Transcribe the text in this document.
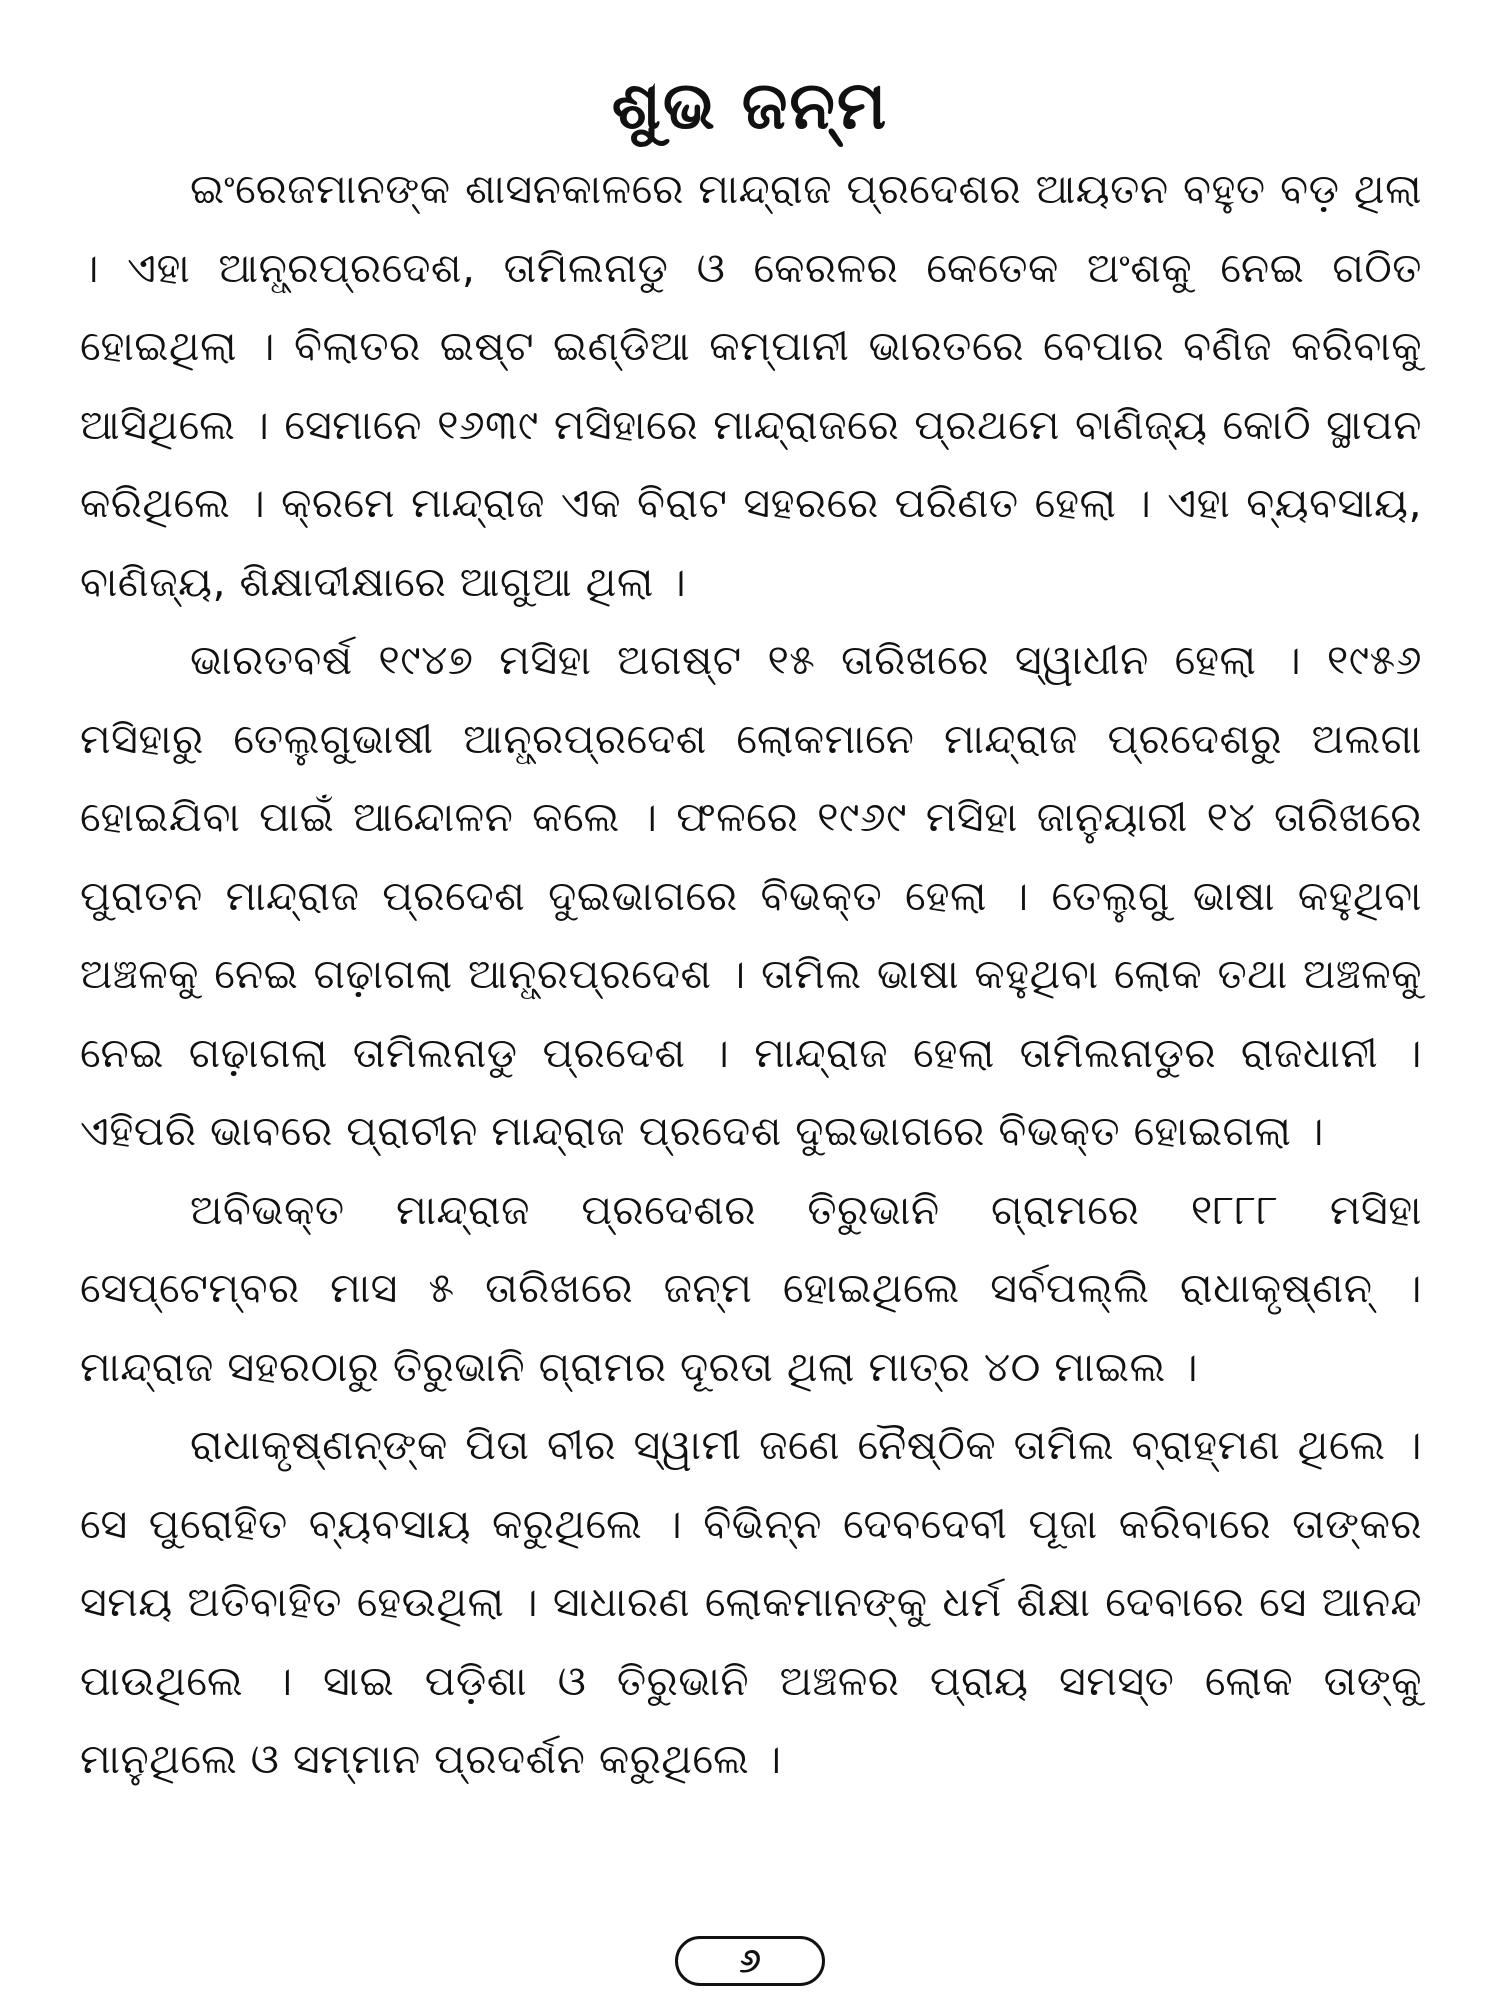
ଶୁଭ ଜନ୍ମ

ଇଂରେଜମାନଙ୍କ ଶାସନକାଳରେ ମାନ୍ଦ୍ରାଜ ପ୍ରଦେଶର ଆୟତନ ବହୁତ ବଡ଼ ଥିଲା । ଏହା ଆନ୍ଧ୍ରପ୍ରଦେଶ, ତାମିଲନାଡୁ ଓ କେରଳର କେତେକ ଅଂଶକୁ ନେଇ ଗଠିତ ହୋଇଥିଲା । ବିଲାତର ଇଷ୍ଟ ଇଣ୍ଡିଆ କମ୍ପାନୀ ଭାରତରେ ବେପାର ବଣିଜ କରିବାକୁ ଆସିଥିଲେ । ସେମାନେ ୧୬୩୯ ମସିହାରେ ମାନ୍ଦ୍ରାଜରେ ପ୍ରଥମେ ବାଣିଜ୍ୟ କୋଠି ସ୍ଥାପନ କରିଥିଲେ । କ୍ରମେ ମାନ୍ଦ୍ରାଜ ଏକ ବିରାଟ ସହରରେ ପରିଣତ ହେଲା । ଏହା ବ୍ୟବସାୟ, ବାଣିଜ୍ୟ, ଶିକ୍ଷାଦୀକ୍ଷାରେ ଆଗୁଆ ଥିଲା ।

ଭାରତବର୍ଷ ୧୯୪୭ ମସିହା ଅଗଷ୍ଟ ୧୫ ତାରିଖରେ ସ୍ୱାଧୀନ ହେଲା । ୧୯୫୬ ମସିହାରୁ ତେଲୁଗୁଭାଷୀ ଆନ୍ଧ୍ରପ୍ରଦେଶ ଲୋକମାନେ ମାନ୍ଦ୍ରାଜ ପ୍ରଦେଶରୁ ଅଲଗା ହୋଇଯିବା ପାଇଁ ଆନ୍ଦୋଳନ କଲେ । ଫଳରେ ୧୯୬୯ ମସିହା ଜାନୁୟାରୀ ୧୪ ତାରିଖରେ ପୁରାତନ ମାନ୍ଦ୍ରାଜ ପ୍ରଦେଶ ଦୁଇଭାଗରେ ବିଭକ୍ତ ହେଲା । ତେଲୁଗୁ ଭାଷା କହୁଥିବା ଅଞ୍ଚଳକୁ ନେଇ ଗଢ଼ାଗଲା ଆନ୍ଧ୍ରପ୍ରଦେଶ । ତାମିଲ ଭାଷା କହୁଥିବା ଲୋକ ତଥା ଅଞ୍ଚଳକୁ ନେଇ ଗଢ଼ାଗଲା ତାମିଲନାଡୁ ପ୍ରଦେଶ । ମାନ୍ଦ୍ରାଜ ହେଲା ତାମିଲନାଡୁର ରାଜଧାନୀ । ଏହିପରି ଭାବରେ ପ୍ରାଚୀନ ମାନ୍ଦ୍ରାଜ ପ୍ରଦେଶ ଦୁଇଭାଗରେ ବିଭକ୍ତ ହୋଇଗଲା ।

ଅବିଭକ୍ତ ମାନ୍ଦ୍ରାଜ ପ୍ରଦେଶର ତିରୁଭାନି ଗ୍ରାମରେ ୧୮୮୮ ମସିହା ସେପ୍ଟେମ୍ବର ମାସ ୫ ତାରିଖରେ ଜନ୍ମ ହୋଇଥିଲେ ସର୍ବପଲ୍ଲି ରାଧାକୃଷ୍ଣନ୍ । ମାନ୍ଦ୍ରାଜ ସହରଠାରୁ ତିରୁଭାନି ଗ୍ରାମର ଦୂରତା ଥିଲା ମାତ୍ର ୪୦ ମାଇଲ ।

ରାଧାକୃଷ୍ଣନ୍ଙ୍କ ପିତା ବୀର ସ୍ୱାମୀ ଜଣେ ନୈଷ୍ଠିକ ତାମିଲ ବ୍ରାହ୍ମଣ ଥିଲେ । ସେ ପୁରୋହିତ ବ୍ୟବସାୟ କରୁଥିଲେ । ବିଭିନ୍ନ ଦେବଦେବୀ ପୂଜା କରିବାରେ ତାଙ୍କର ସମୟ ଅତିବାହିତ ହେଉଥିଲା । ସାଧାରଣ ଲୋକମାନଙ୍କୁ ଧର୍ମ ଶିକ୍ଷା ଦେବାରେ ସେ ଆନନ୍ଦ ପାଉଥିଲେ । ସାଇ ପଡ଼ିଶା ଓ ତିରୁଭାନି ଅଞ୍ଚଳର ପ୍ରାୟ ସମସ୍ତ ଲୋକ ତାଙ୍କୁ ମାନୁଥିଲେ ଓ ସମ୍ମାନ ପ୍ରଦର୍ଶନ କରୁଥିଲେ ।

୬
